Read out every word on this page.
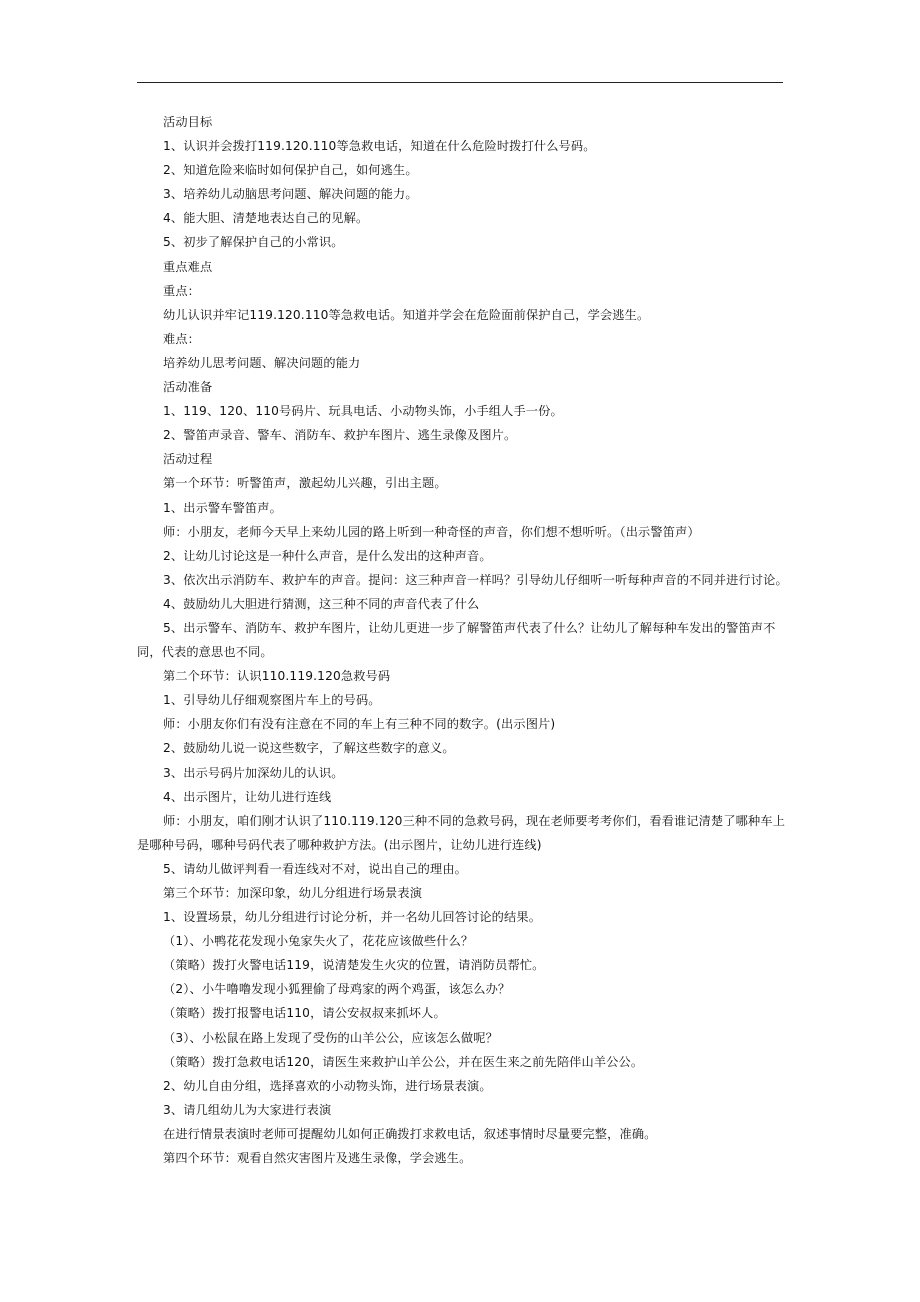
活动目标
1、认识并会拨打119.120.110等急救电话，知道在什么危险时拨打什么号码。
2、知道危险来临时如何保护自己，如何逃生。
3、培养幼儿动脑思考问题、解决问题的能力。
4、能大胆、清楚地表达自己的见解。
5、初步了解保护自己的小常识。
重点难点
重点：
幼儿认识并牢记119.120.110等急救电话。知道并学会在危险面前保护自己，学会逃生。
难点：
培养幼儿思考问题、解决问题的能力
活动准备
1、119、120、110号码片、玩具电话、小动物头饰，小手组人手一份。
2、警笛声录音、警车、消防车、救护车图片、逃生录像及图片。
活动过程
第一个环节：听警笛声，激起幼儿兴趣，引出主题。
1、出示警车警笛声。
师：小朋友，老师今天早上来幼儿园的路上听到一种奇怪的声音，你们想不想听听。（出示警笛声）
2、让幼儿讨论这是一种什么声音，是什么发出的这种声音。
3、依次出示消防车、救护车的声音。提问：这三种声音一样吗？引导幼儿仔细听一听每种声音的不同并进行讨论。
4、鼓励幼儿大胆进行猜测，这三种不同的声音代表了什么
5、出示警车、消防车、救护车图片，让幼儿更进一步了解警笛声代表了什么？让幼儿了解每种车发出的警笛声不
同，代表的意思也不同。
第二个环节：认识110.119.120急救号码
1、引导幼儿仔细观察图片车上的号码。
师：小朋友你们有没有注意在不同的车上有三种不同的数字。(出示图片)
2、鼓励幼儿说一说这些数字，了解这些数字的意义。
3、出示号码片加深幼儿的认识。
4、出示图片，让幼儿进行连线
师：小朋友，咱们刚才认识了110.119.120三种不同的急救号码，现在老师要考考你们，看看谁记清楚了哪种车上
是哪种号码，哪种号码代表了哪种救护方法。(出示图片，让幼儿进行连线)
5、请幼儿做评判看一看连线对不对，说出自己的理由。
第三个环节：加深印象，幼儿分组进行场景表演
1、设置场景，幼儿分组进行讨论分析，并一名幼儿回答讨论的结果。
（1）、小鸭花花发现小兔家失火了，花花应该做些什么？
（策略）拨打火警电话119，说清楚发生火灾的位置，请消防员帮忙。
（2）、小牛噜噜发现小狐狸偷了母鸡家的两个鸡蛋，该怎么办？
（策略）拨打报警电话110，请公安叔叔来抓坏人。
（3）、小松鼠在路上发现了受伤的山羊公公，应该怎么做呢？
（策略）拨打急救电话120，请医生来救护山羊公公，并在医生来之前先陪伴山羊公公。
2、幼儿自由分组，选择喜欢的小动物头饰，进行场景表演。
3、请几组幼儿为大家进行表演
在进行情景表演时老师可提醒幼儿如何正确拨打求救电话，叙述事情时尽量要完整，准确。
第四个环节：观看自然灾害图片及逃生录像，学会逃生。
